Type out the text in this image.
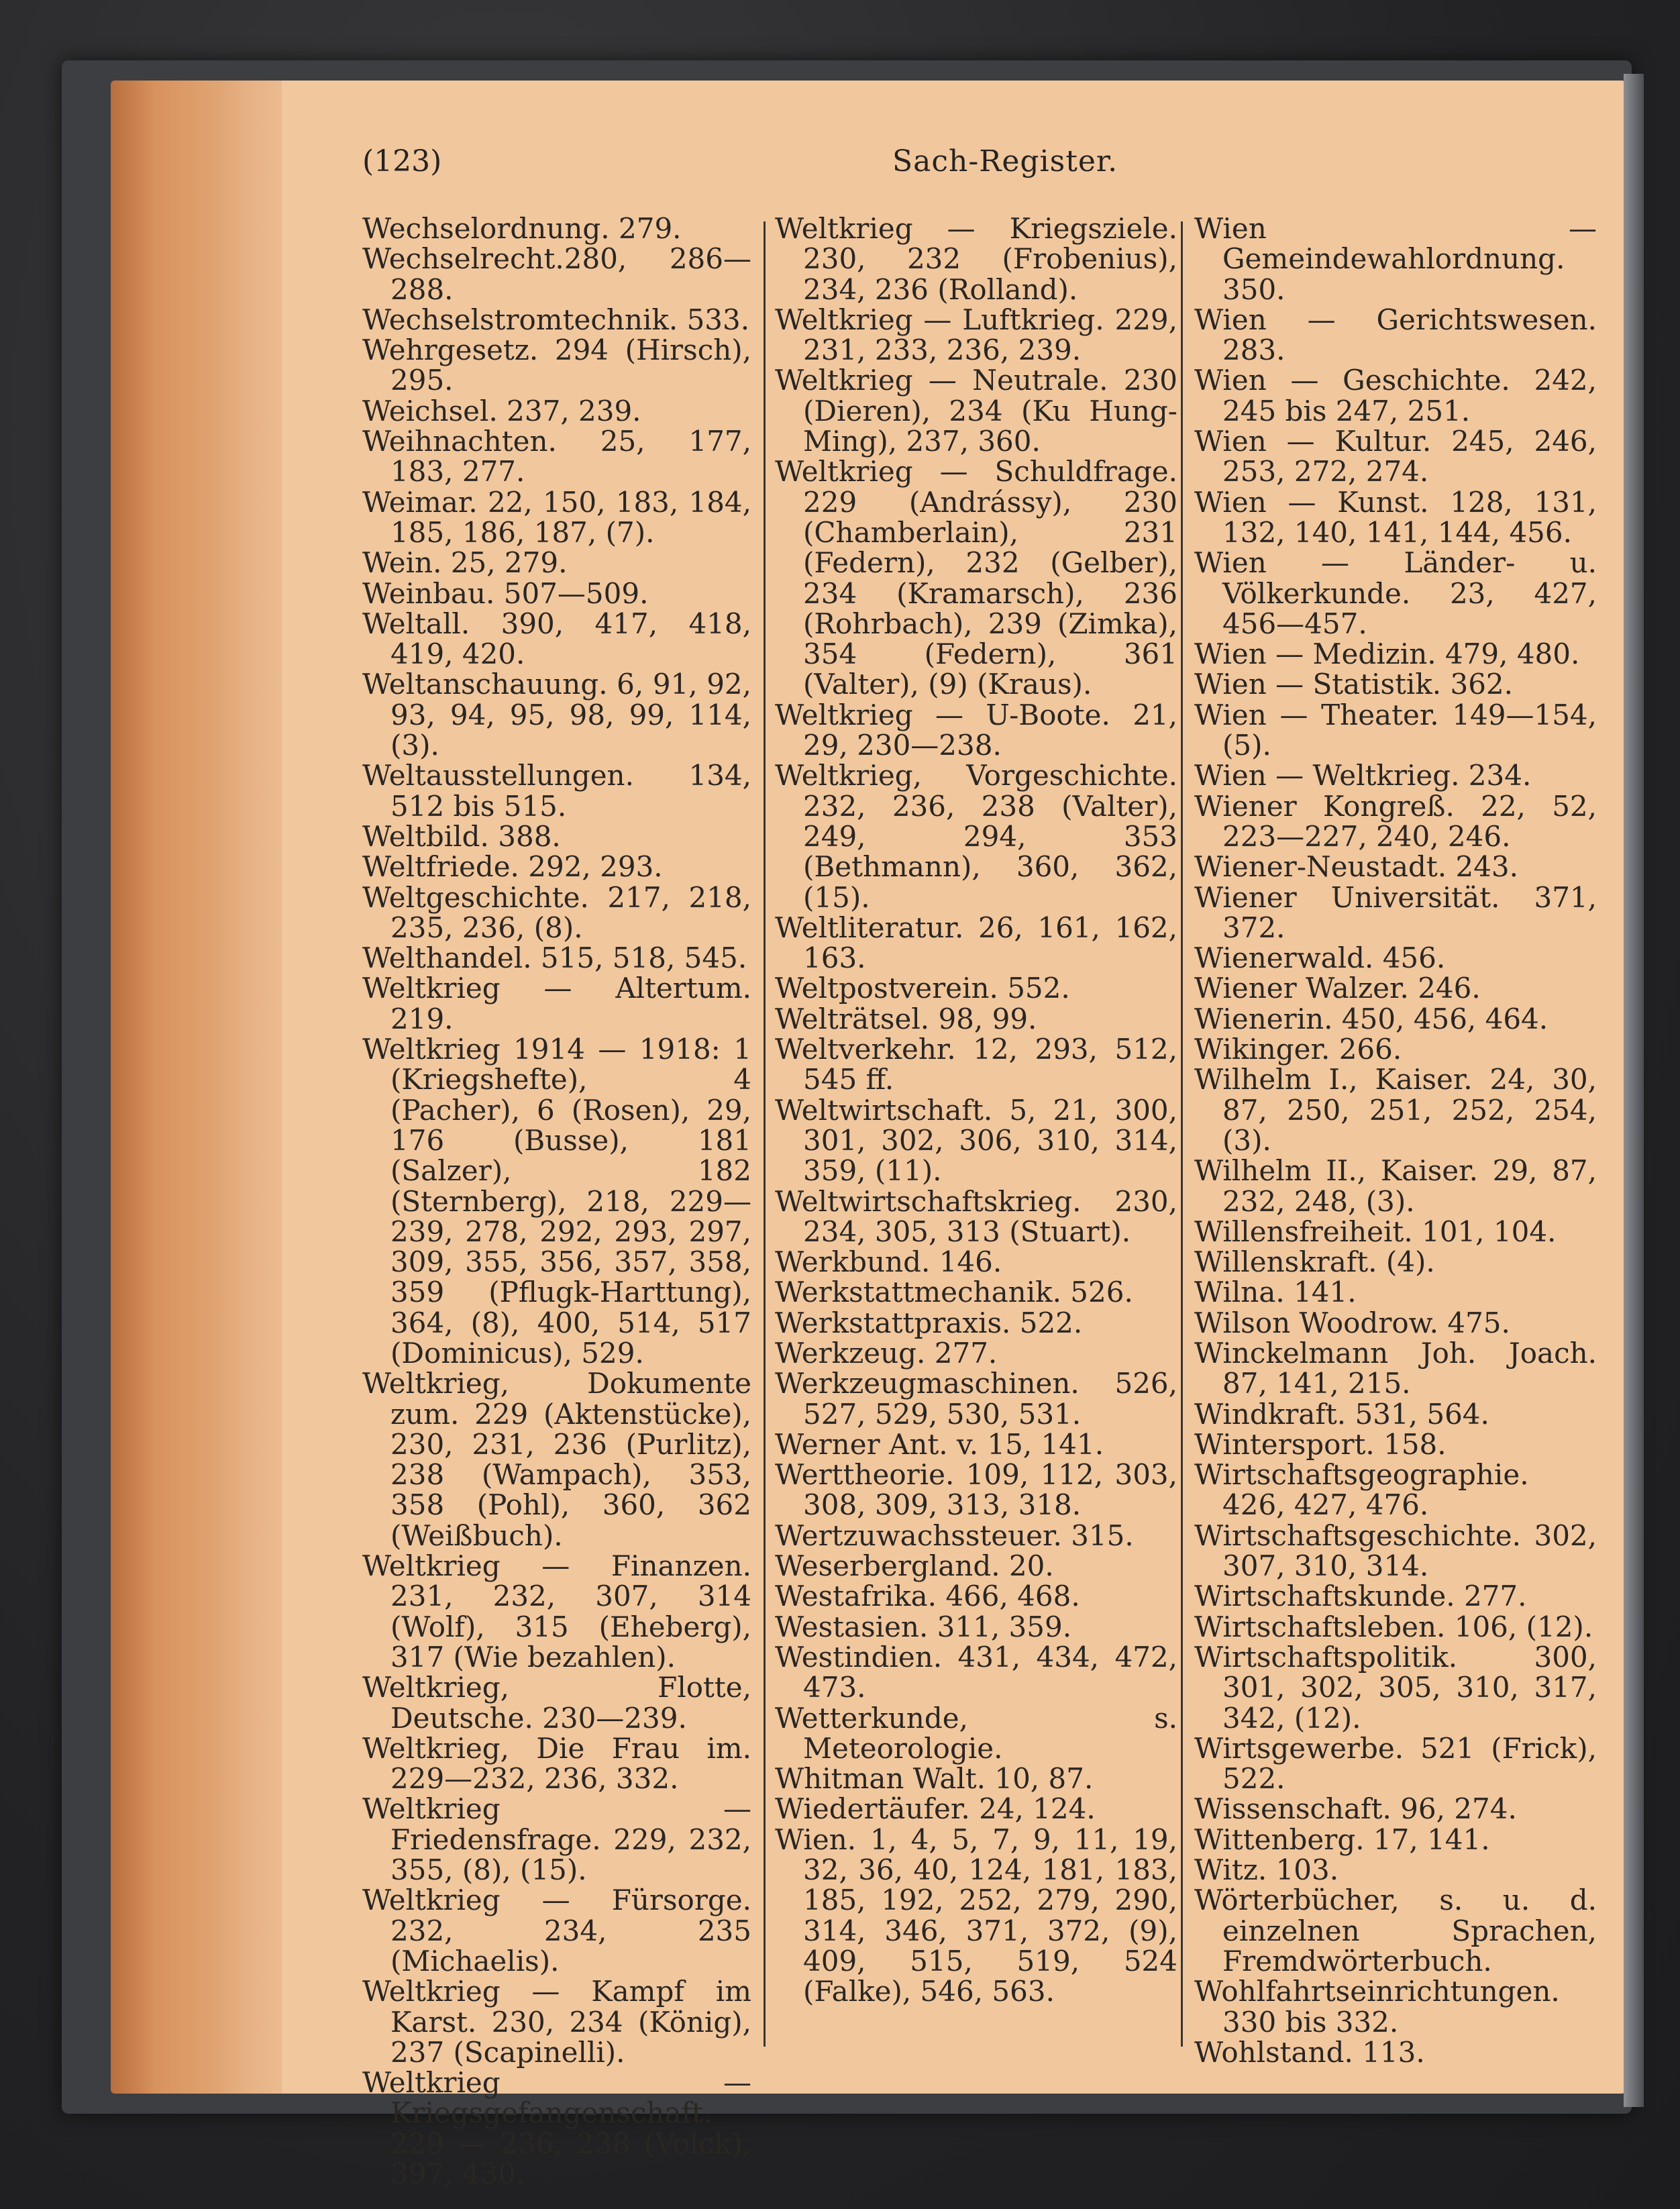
(123)	Sach-Register.
Wechselordnung. 279.
Wechselrecht.280, 286—288.
Wechselstromtechnik. 533.
Wehrgesetz. 294 (Hirsch), 295.
Weichsel. 237, 239.
Weihnachten. 25, 177, 183, 277.
Weimar. 22, 150, 183, 184, 185, 186, 187, (7).
Wein. 25, 279.
Weinbau. 507—509.
Weltall. 390, 417, 418, 419, 420.
Weltanschauung. 6, 91, 92, 93, 94, 95, 98, 99, 114, (3).
Weltausstellungen. 134, 512 bis 515.
Weltbild. 388.
Weltfriede. 292, 293.
Weltgeschichte. 217, 218, 235, 236, (8).
Welthandel. 515, 518, 545.
Weltkrieg — Altertum. 219.
Weltkrieg 1914 — 1918: 1 (Kriegshefte), 4 (Pacher), 6 (Rosen), 29, 176 (Busse), 181 (Salzer), 182 (Sternberg), 218, 229—239, 278, 292, 293, 297, 309, 355, 356, 357, 358, 359 (Pflugk-Harttung), 364, (8), 400, 514, 517 (Dominicus), 529.
Weltkrieg, Dokumente zum. 229 (Aktenstücke), 230, 231, 236 (Purlitz), 238 (Wampach), 353, 358 (Pohl), 360, 362 (Weißbuch).
Weltkrieg — Finanzen. 231, 232, 307, 314 (Wolf), 315 (Eheberg), 317 (Wie bezahlen).
Weltkrieg, Flotte, Deutsche. 230—239.
Weltkrieg, Die Frau im. 229—232, 236, 332.
Weltkrieg — Friedensfrage. 229, 232, 355, (8), (15).
Weltkrieg — Fürsorge. 232, 234, 235 (Michaelis).
Weltkrieg — Kampf im Karst. 230, 234 (König), 237 (Scapinelli).
Weltkrieg — Kriegsgefangenschaft. 229 — 236, 238 (Volck), 397, 430.
Weltkrieg — Kriegsziele. 230, 232 (Frobenius), 234, 236 (Rolland).
Weltkrieg — Luftkrieg. 229, 231, 233, 236, 239.
Weltkrieg — Neutrale. 230 (Dieren), 234 (Ku Hung-Ming), 237, 360.
Weltkrieg — Schuldfrage. 229 (Andrássy), 230 (Chamberlain), 231 (Federn), 232 (Gelber), 234 (Kramarsch), 236 (Rohrbach), 239 (Zimka), 354 (Federn), 361 (Valter), (9) (Kraus).
Weltkrieg — U-Boote. 21, 29, 230—238.
Weltkrieg, Vorgeschichte. 232, 236, 238 (Valter), 249, 294, 353 (Bethmann), 360, 362, (15).
Weltliteratur. 26, 161, 162, 163.
Weltpostverein. 552.
Welträtsel. 98, 99.
Weltverkehr. 12, 293, 512, 545 ff.
Weltwirtschaft. 5, 21, 300, 301, 302, 306, 310, 314, 359, (11).
Weltwirtschaftskrieg. 230, 234, 305, 313 (Stuart).
Werkbund. 146.
Werkstattmechanik. 526.
Werkstattpraxis. 522.
Werkzeug. 277.
Werkzeugmaschinen. 526, 527, 529, 530, 531.
Werner Ant. v. 15, 141.
Werttheorie. 109, 112, 303, 308, 309, 313, 318.
Wertzuwachssteuer. 315.
Weserbergland. 20.
Westafrika. 466, 468.
Westasien. 311, 359.
Westindien. 431, 434, 472, 473.
Wetterkunde, s. Meteorologie.
Whitman Walt. 10, 87.
Wiedertäufer. 24, 124.
Wien. 1, 4, 5, 7, 9, 11, 19, 32, 36, 40, 124, 181, 183, 185, 192, 252, 279, 290, 314, 346, 371, 372, (9), 409, 515, 519, 524 (Falke), 546, 563.
Wien — Gemeindewahlordnung. 350.
Wien — Gerichtswesen. 283.
Wien — Geschichte. 242, 245 bis 247, 251.
Wien — Kultur. 245, 246, 253, 272, 274.
Wien — Kunst. 128, 131, 132, 140, 141, 144, 456.
Wien — Länder- u. Völkerkunde. 23, 427, 456—457.
Wien — Medizin. 479, 480.
Wien — Statistik. 362.
Wien — Theater. 149—154, (5).
Wien — Weltkrieg. 234.
Wiener Kongreß. 22, 52, 223—227, 240, 246.
Wiener-Neustadt. 243.
Wiener Universität. 371, 372.
Wienerwald. 456.
Wiener Walzer. 246.
Wienerin. 450, 456, 464.
Wikinger. 266.
Wilhelm I., Kaiser. 24, 30, 87, 250, 251, 252, 254, (3).
Wilhelm II., Kaiser. 29, 87, 232, 248, (3).
Willensfreiheit. 101, 104.
Willenskraft. (4).
Wilna. 141.
Wilson Woodrow. 475.
Winckelmann Joh. Joach. 87, 141, 215.
Windkraft. 531, 564.
Wintersport. 158.
Wirtschaftsgeographie. 426, 427, 476.
Wirtschaftsgeschichte. 302, 307, 310, 314.
Wirtschaftskunde. 277.
Wirtschaftsleben. 106, (12).
Wirtschaftspolitik. 300, 301, 302, 305, 310, 317, 342, (12).
Wirtsgewerbe. 521 (Frick), 522.
Wissenschaft. 96, 274.
Wittenberg. 17, 141.
Witz. 103.
Wörterbücher, s. u. d. einzelnen Sprachen, Fremdwörterbuch.
Wohlfahrtseinrichtungen. 330 bis 332.
Wohlstand. 113.
